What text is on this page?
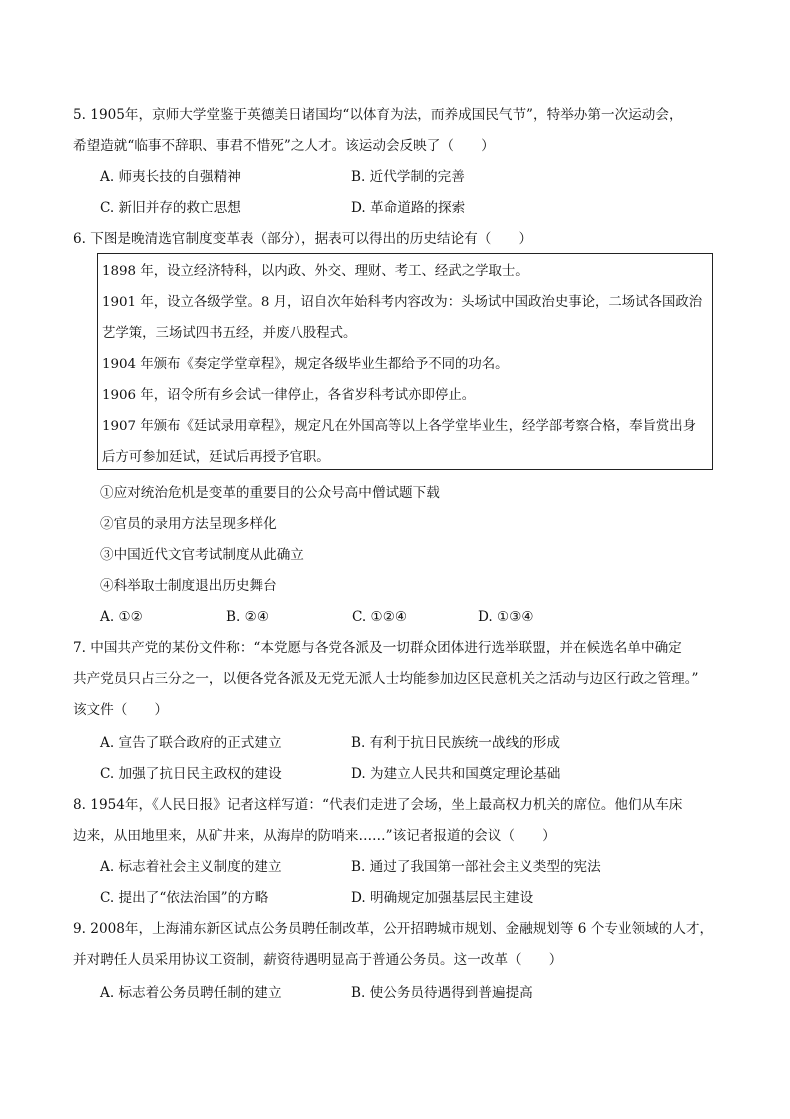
5. 1905年，京师大学堂鉴于英德美日诸国均“以体育为法，而养成国民气节”，特举办第一次运动会，
希望造就“临事不辞职、事君不惜死”之人才。该运动会反映了（　　）
A. 师夷长技的自强精神	B. 近代学制的完善
C. 新旧并存的救亡思想	D. 革命道路的探索
6. 下图是晚清选官制度变革表（部分），据表可以得出的历史结论有（　　）
1898 年，设立经济特科，以内政、外交、理财、考工、经武之学取士。
1901 年，设立各级学堂。8 月，诏自次年始科考内容改为：头场试中国政治史事论，二场试各国政治
艺学策，三场试四书五经，并废八股程式。
1904 年颁布《奏定学堂章程》，规定各级毕业生都给予不同的功名。
1906 年，诏令所有乡会试一律停止，各省岁科考试亦即停止。
1907 年颁布《廷试录用章程》，规定凡在外国高等以上各学堂毕业生，经学部考察合格，奉旨赏出身
后方可参加廷试，廷试后再授予官职。
①应对统治危机是变革的重要目的公众号高中僧试题下载
②官员的录用方法呈现多样化
③中国近代文官考试制度从此确立
④科举取士制度退出历史舞台
A. ①②	B. ②④	C. ①②④	D. ①③④
7. 中国共产党的某份文件称：“本党愿与各党各派及一切群众团体进行选举联盟，并在候选名单中确定
共产党员只占三分之一，以便各党各派及无党无派人士均能参加边区民意机关之活动与边区行政之管理。”
该文件（　　）
A. 宣告了联合政府的正式建立	B. 有利于抗日民族统一战线的形成
C. 加强了抗日民主政权的建设	D. 为建立人民共和国奠定理论基础
8. 1954年，《人民日报》记者这样写道：“代表们走进了会场，坐上最高权力机关的席位。他们从车床
边来，从田地里来，从矿井来，从海岸的防哨来……”该记者报道的会议（　　）
A. 标志着社会主义制度的建立	B. 通过了我国第一部社会主义类型的宪法
C. 提出了“依法治国”的方略	D. 明确规定加强基层民主建设
9. 2008年，上海浦东新区试点公务员聘任制改革，公开招聘城市规划、金融规划等 6 个专业领域的人才，
并对聘任人员采用协议工资制，薪资待遇明显高于普通公务员。这一改革（　　）
A. 标志着公务员聘任制的建立	B. 使公务员待遇得到普遍提高
